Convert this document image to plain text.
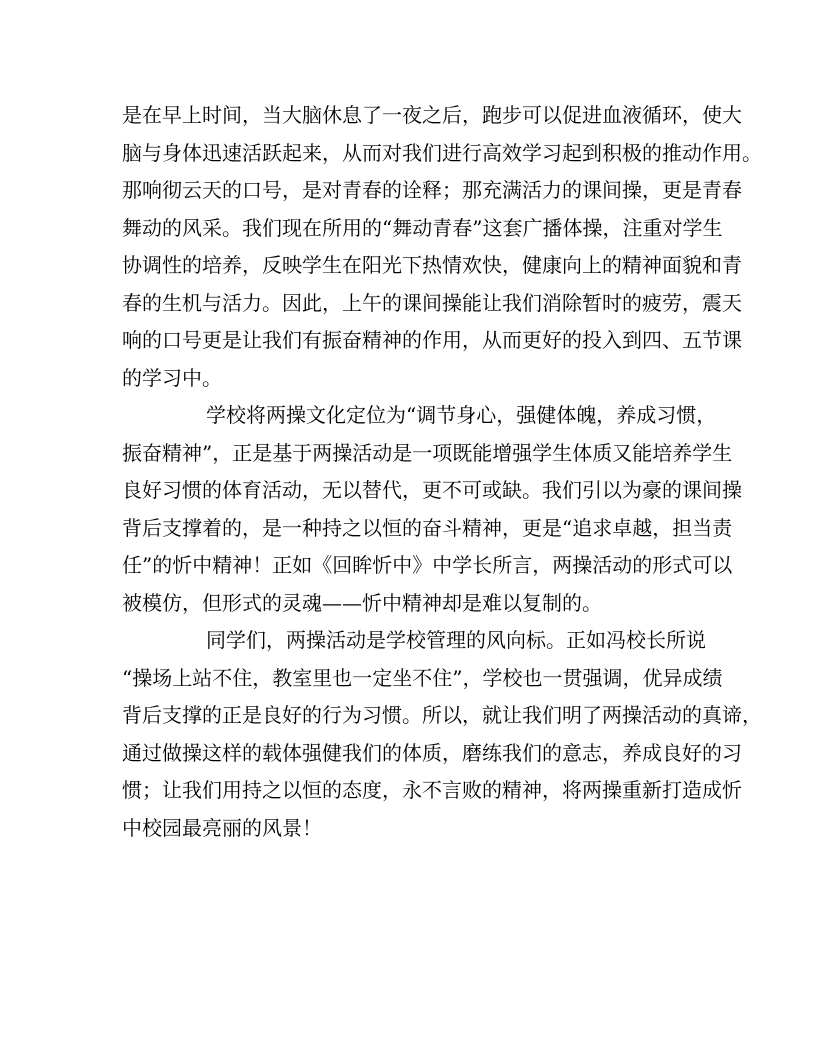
是在早上时间，当大脑休息了一夜之后，跑步可以促进血液循环，使大
脑与身体迅速活跃起来，从而对我们进行高效学习起到积极的推动作用。
那响彻云天的口号，是对青春的诠释；那充满活力的课间操，更是青春
舞动的风采。我们现在所用的“舞动青春”这套广播体操，注重对学生
协调性的培养，反映学生在阳光下热情欢快，健康向上的精神面貌和青
春的生机与活力。因此，上午的课间操能让我们消除暂时的疲劳，震天
响的口号更是让我们有振奋精神的作用，从而更好的投入到四、五节课
的学习中。
学校将两操文化定位为“调节身心，强健体魄，养成习惯，
振奋精神”，正是基于两操活动是一项既能增强学生体质又能培养学生
良好习惯的体育活动，无以替代，更不可或缺。我们引以为豪的课间操
背后支撑着的，是一种持之以恒的奋斗精神，更是“追求卓越，担当责
任”的忻中精神！正如《回眸忻中》中学长所言，两操活动的形式可以
被模仿，但形式的灵魂——忻中精神却是难以复制的。
同学们，两操活动是学校管理的风向标。正如冯校长所说
“操场上站不住，教室里也一定坐不住”，学校也一贯强调，优异成绩
背后支撑的正是良好的行为习惯。所以，就让我们明了两操活动的真谛，
通过做操这样的载体强健我们的体质，磨练我们的意志，养成良好的习
惯；让我们用持之以恒的态度，永不言败的精神，将两操重新打造成忻
中校园最亮丽的风景！
